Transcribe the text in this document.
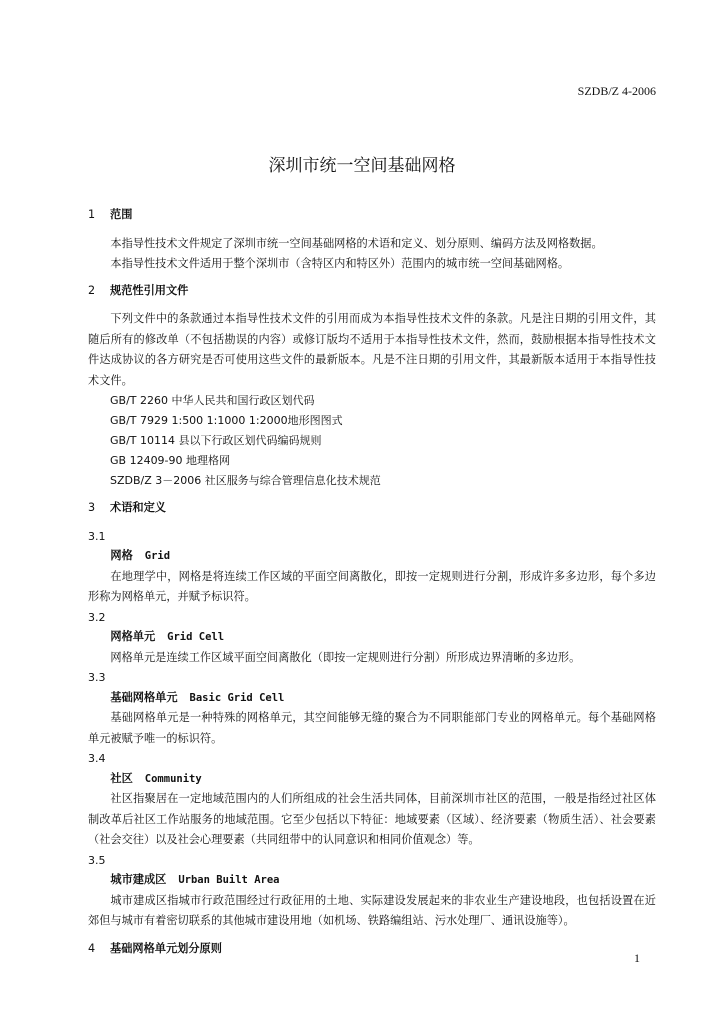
SZDB/Z 4-2006
深圳市统一空间基础网格

1 范围

本指导性技术文件规定了深圳市统一空间基础网格的术语和定义、划分原则、编码方法及网格数据。

本指导性技术文件适用于整个深圳市（含特区内和特区外）范围内的城市统一空间基础网格。

2 规范性引用文件

下列文件中的条款通过本指导性技术文件的引用而成为本指导性技术文件的条款。凡是注日期的引用文件，其随后所有的修改单（不包括勘误的内容）或修订版均不适用于本指导性技术文件，然而，鼓励根据本指导性技术文件达成协议的各方研究是否可使用这些文件的最新版本。凡是不注日期的引用文件，其最新版本适用于本指导性技术文件。

GB/T 2260 中华人民共和国行政区划代码

GB/T 7929 1:500 1:1000 1:2000地形图图式

GB/T 10114 县以下行政区划代码编码规则

GB 12409-90 地理格网

SZDB/Z 3－2006 社区服务与综合管理信息化技术规范

3 术语和定义

3.1

网格 Grid

在地理学中，网格是将连续工作区域的平面空间离散化，即按一定规则进行分割，形成许多多边形，每个多边形称为网格单元，并赋予标识符。

3.2

网格单元 Grid Cell

网格单元是连续工作区域平面空间离散化（即按一定规则进行分割）所形成边界清晰的多边形。

3.3

基础网格单元 Basic Grid Cell

基础网格单元是一种特殊的网格单元，其空间能够无缝的聚合为不同职能部门专业的网格单元。每个基础网格单元被赋予唯一的标识符。

3.4

社区 Community

社区指聚居在一定地域范围内的人们所组成的社会生活共同体，目前深圳市社区的范围，一般是指经过社区体制改革后社区工作站服务的地域范围。它至少包括以下特征：地域要素（区域）、经济要素（物质生活）、社会要素（社会交往）以及社会心理要素（共同纽带中的认同意识和相同价值观念）等。

3.5

城市建成区 Urban Built Area

城市建成区指城市行政范围经过行政征用的土地、实际建设发展起来的非农业生产建设地段，也包括设置在近郊但与城市有着密切联系的其他城市建设用地（如机场、铁路编组站、污水处理厂、通讯设施等）。

4 基础网格单元划分原则

1
